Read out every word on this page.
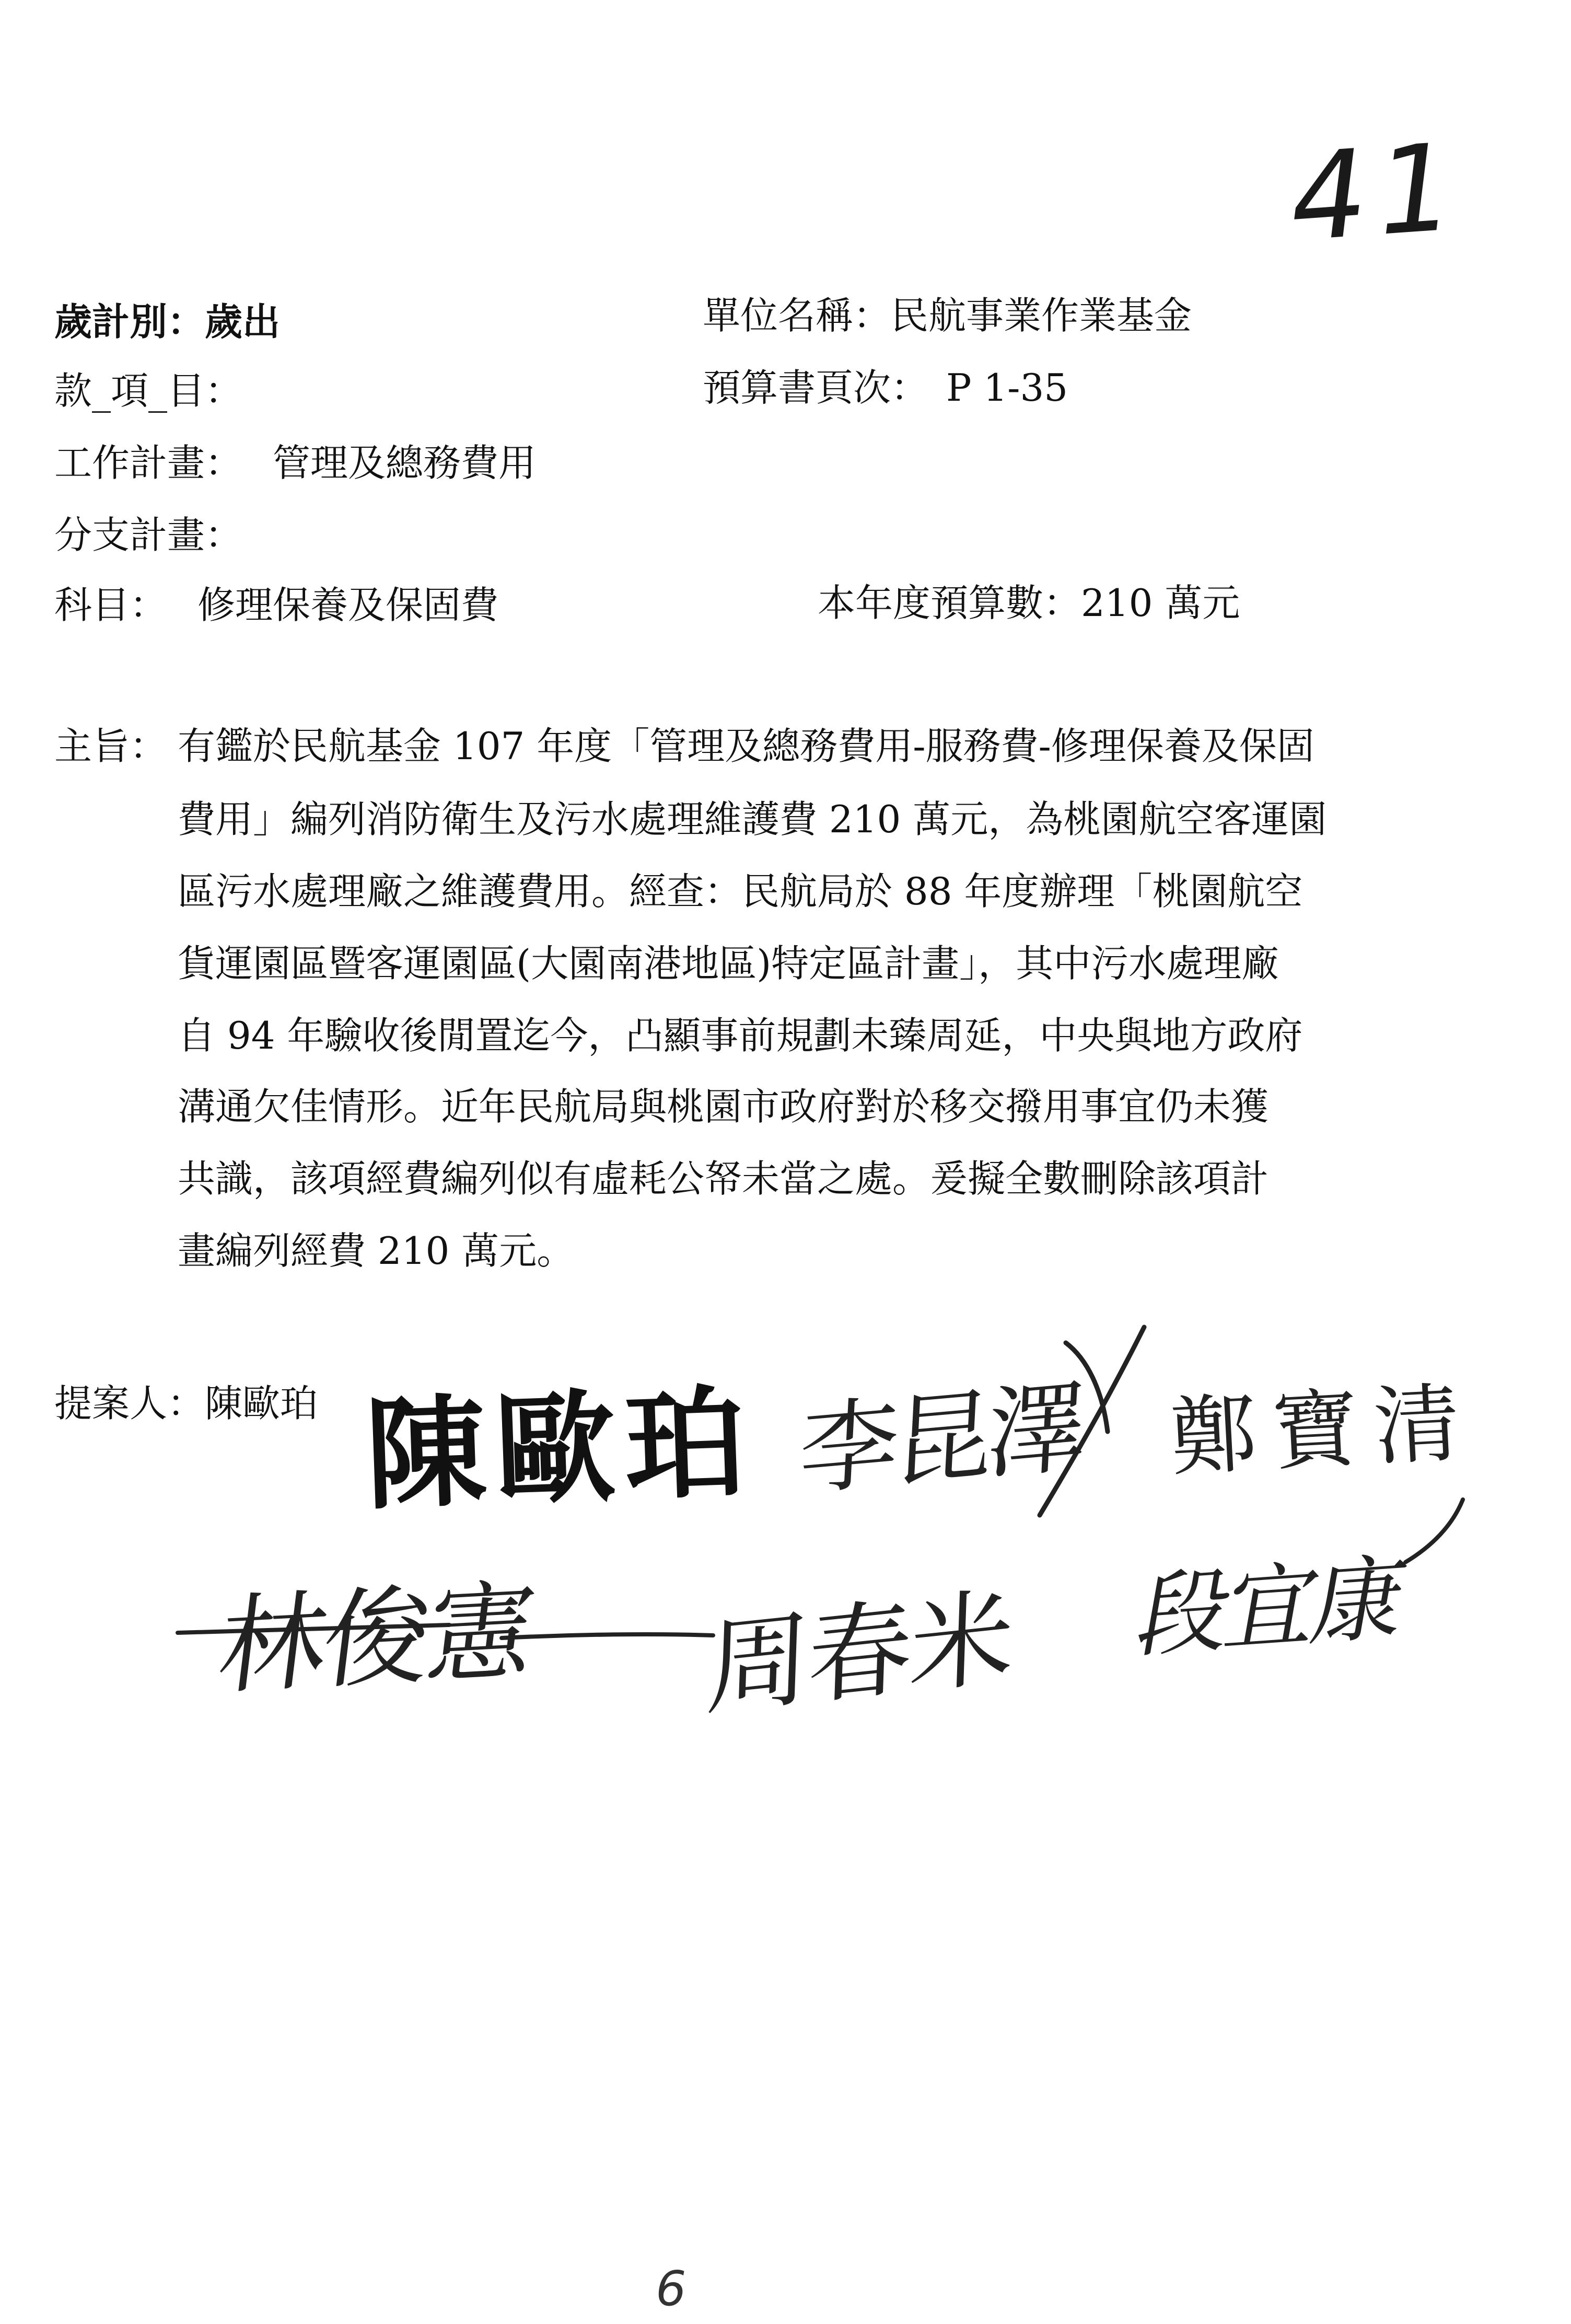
41
歲計別：歲出	單位名稱：民航事業作業基金
款_項_目：	預算書頁次： P 1-35
工作計畫： 管理及總務費用
分支計畫：
科目： 修理保養及保固費	本年度預算數：210 萬元
主旨： 有鑑於民航基金 107 年度「管理及總務費用-服務費-修理保養及保固
費用」編列消防衛生及污水處理維護費 210 萬元，為桃園航空客運園
區污水處理廠之維護費用。經查：民航局於 88 年度辦理「桃園航空
貨運園區暨客運園區(大園南港地區)特定區計畫」，其中污水處理廠
自 94 年驗收後閒置迄今，凸顯事前規劃未臻周延，中央與地方政府
溝通欠佳情形。近年民航局與桃園市政府對於移交撥用事宜仍未獲
共識，該項經費編列似有虛耗公帑未當之處。爰擬全數刪除該項計
畫編列經費 210 萬元。
提案人：陳歐珀 陳歐珀 李昆澤 鄭寶清
林俊憲 周春米 段宜康
6
